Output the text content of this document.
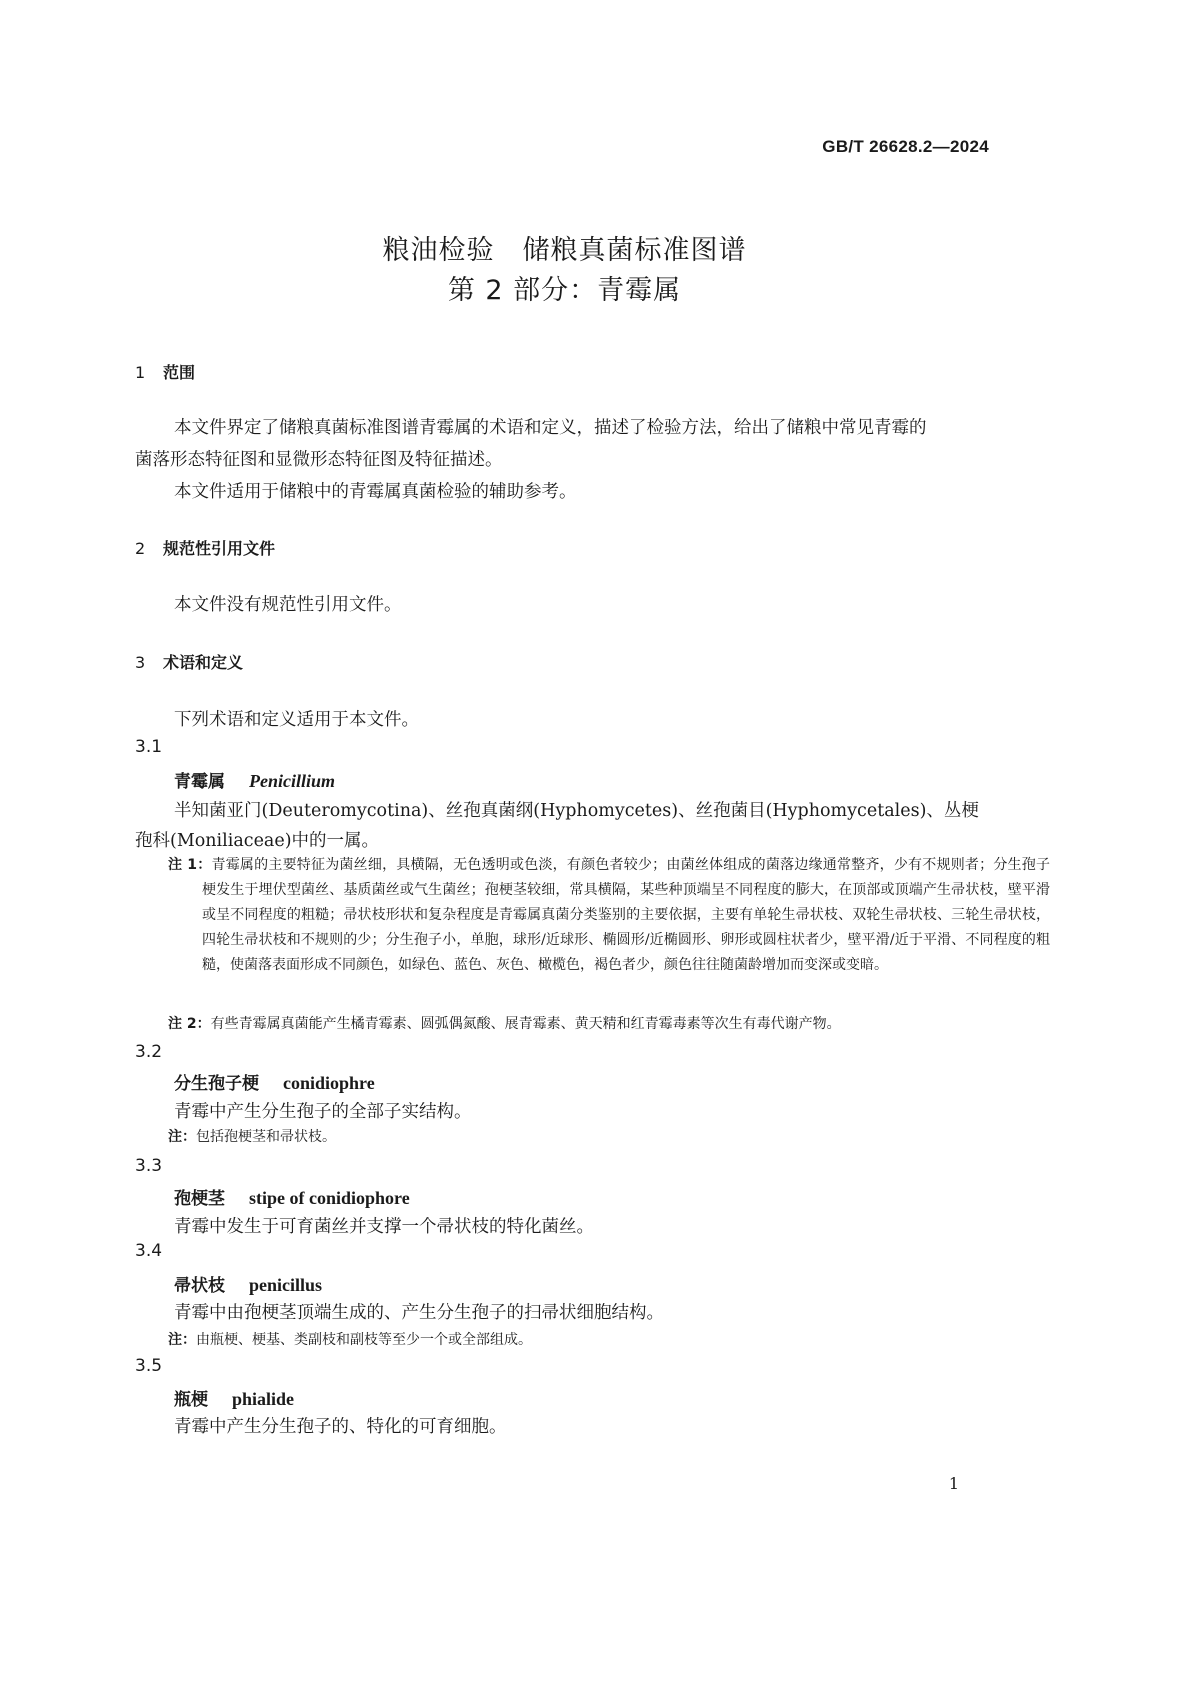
GB/T 26628.2—2024
粮油检验　储粮真菌标准图谱
第 2 部分：青霉属
1 范围
本文件界定了储粮真菌标准图谱青霉属的术语和定义，描述了检验方法，给出了储粮中常见青霉的
菌落形态特征图和显微形态特征图及特征描述。
本文件适用于储粮中的青霉属真菌检验的辅助参考。
2 规范性引用文件
本文件没有规范性引用文件。
3 术语和定义
下列术语和定义适用于本文件。
3.1
青霉属 Penicillium
半知菌亚门(Deuteromycotina)、丝孢真菌纲(Hyphomycetes)、丝孢菌目(Hyphomycetales)、丛梗
孢科(Moniliaceae)中的一属。
注 1：青霉属的主要特征为菌丝细，具横隔，无色透明或色淡，有颜色者较少；由菌丝体组成的菌落边缘通常整齐，少有不规则者；分生孢子梗发生于埋伏型菌丝、基质菌丝或气生菌丝；孢梗茎较细，常具横隔，某些种顶端呈不同程度的膨大，在顶部或顶端产生帚状枝，壁平滑或呈不同程度的粗糙；帚状枝形状和复杂程度是青霉属真菌分类鉴别的主要依据，主要有单轮生帚状枝、双轮生帚状枝、三轮生帚状枝，四轮生帚状枝和不规则的少；分生孢子小，单胞，球形/近球形、椭圆形/近椭圆形、卵形或圆柱状者少，壁平滑/近于平滑、不同程度的粗糙，使菌落表面形成不同颜色，如绿色、蓝色、灰色、橄榄色，褐色者少，颜色往往随菌龄增加而变深或变暗。
注 2：有些青霉属真菌能产生橘青霉素、圆弧偶氮酸、展青霉素、黄天精和红青霉毒素等次生有毒代谢产物。
3.2
分生孢子梗 conidiophre
青霉中产生分生孢子的全部子实结构。
注：包括孢梗茎和帚状枝。
3.3
孢梗茎 stipe of conidiophore
青霉中发生于可育菌丝并支撑一个帚状枝的特化菌丝。
3.4
帚状枝 penicillus
青霉中由孢梗茎顶端生成的、产生分生孢子的扫帚状细胞结构。
注：由瓶梗、梗基、类副枝和副枝等至少一个或全部组成。
3.5
瓶梗 phialide
青霉中产生分生孢子的、特化的可育细胞。
1
